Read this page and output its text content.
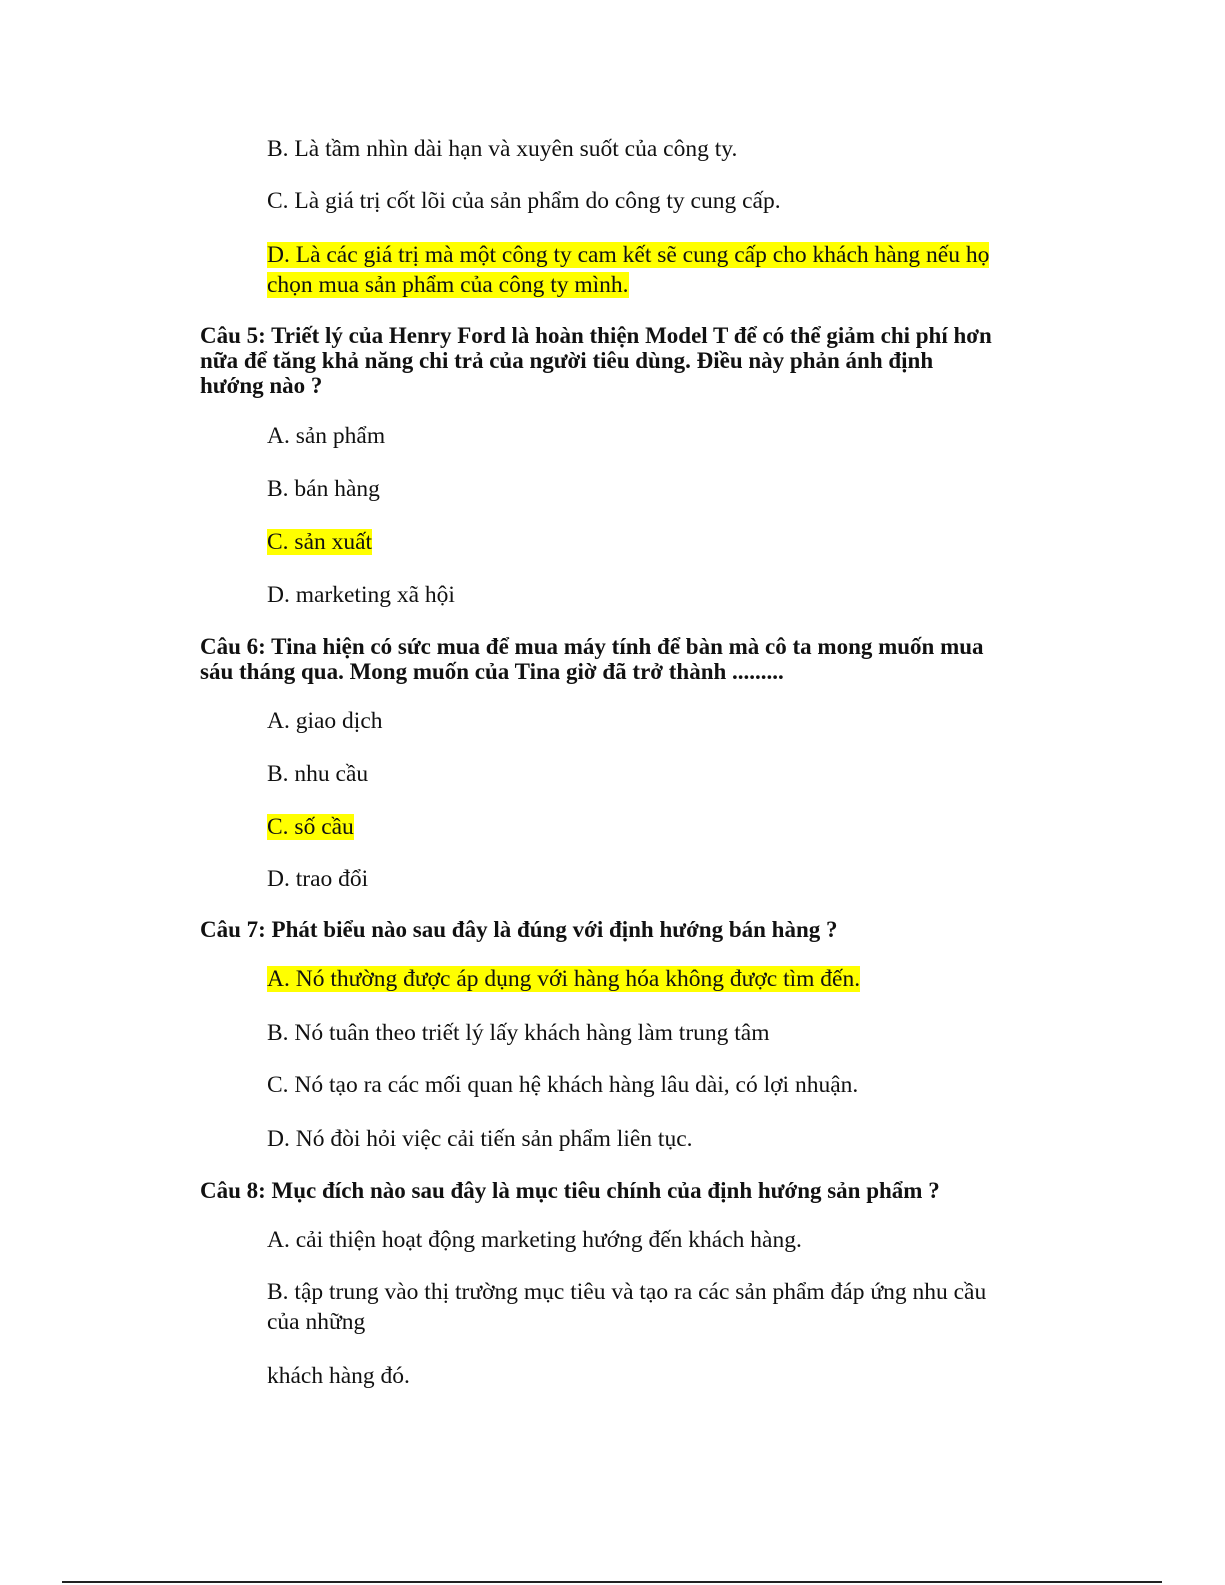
B. Là tầm nhìn dài hạn và xuyên suốt của công ty.

C. Là giá trị cốt lõi của sản phẩm do công ty cung cấp.

D. Là các giá trị mà một công ty cam kết sẽ cung cấp cho khách hàng nếu họ

chọn mua sản phẩm của công ty mình.

Câu 5: Triết lý của Henry Ford là hoàn thiện Model T để có thể giảm chi phí hơn

nữa để tăng khả năng chi trả của người tiêu dùng. Điều này phản ánh định

hướng nào ?

A. sản phẩm

B. bán hàng

C. sản xuất

D. marketing xã hội

Câu 6: Tina hiện có sức mua để mua máy tính để bàn mà cô ta mong muốn mua

sáu tháng qua. Mong muốn của Tina giờ đã trở thành .........

A. giao dịch

B. nhu cầu

C. số cầu

D. trao đổi

Câu 7: Phát biểu nào sau đây là đúng với định hướng bán hàng ?

A. Nó thường được áp dụng với hàng hóa không được tìm đến.

B. Nó tuân theo triết lý lấy khách hàng làm trung tâm

C. Nó tạo ra các mối quan hệ khách hàng lâu dài, có lợi nhuận.

D. Nó đòi hỏi việc cải tiến sản phẩm liên tục.

Câu 8: Mục đích nào sau đây là mục tiêu chính của định hướng sản phẩm ?

A. cải thiện hoạt động marketing hướng đến khách hàng.

B. tập trung vào thị trường mục tiêu và tạo ra các sản phẩm đáp ứng nhu cầu

của những

khách hàng đó.
